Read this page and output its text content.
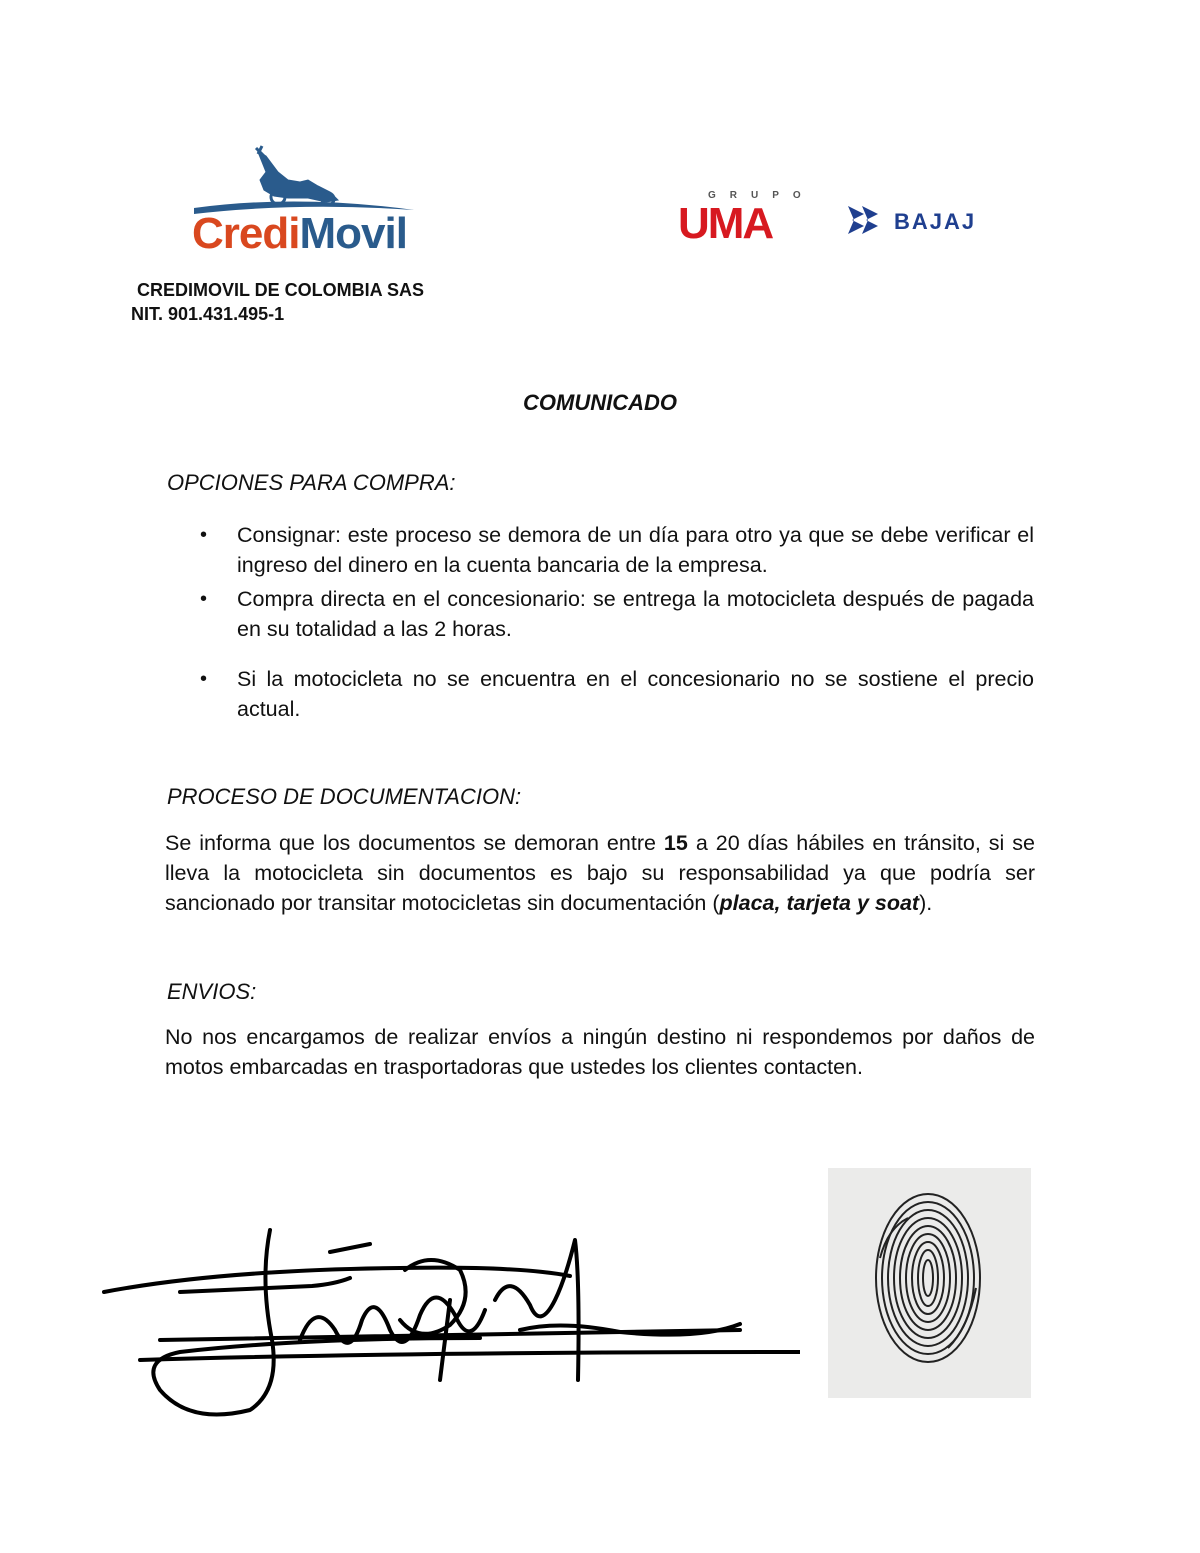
CrediMovil
GRUPO
UMA	BAJAJ
CREDIMOVIL DE COLOMBIA SAS
NIT. 901.431.495-1
COMUNICADO
OPCIONES PARA COMPRA:
• Consignar: este proceso se demora de un día para otro ya que se debe verificar el ingreso del dinero en la cuenta bancaria de la empresa.
• Compra directa en el concesionario: se entrega la motocicleta después de pagada en su totalidad a las 2 horas.
• Si la motocicleta no se encuentra en el concesionario no se sostiene el precio actual.
PROCESO DE DOCUMENTACION:
Se informa que los documentos se demoran entre 15 a 20 días hábiles en tránsito, si se lleva la motocicleta sin documentos es bajo su responsabilidad ya que podría ser sancionado por transitar motocicletas sin documentación (placa, tarjeta y soat).
ENVIOS:
No nos encargamos de realizar envíos a ningún destino ni respondemos por daños de motos embarcadas en trasportadoras que ustedes los clientes contacten.
